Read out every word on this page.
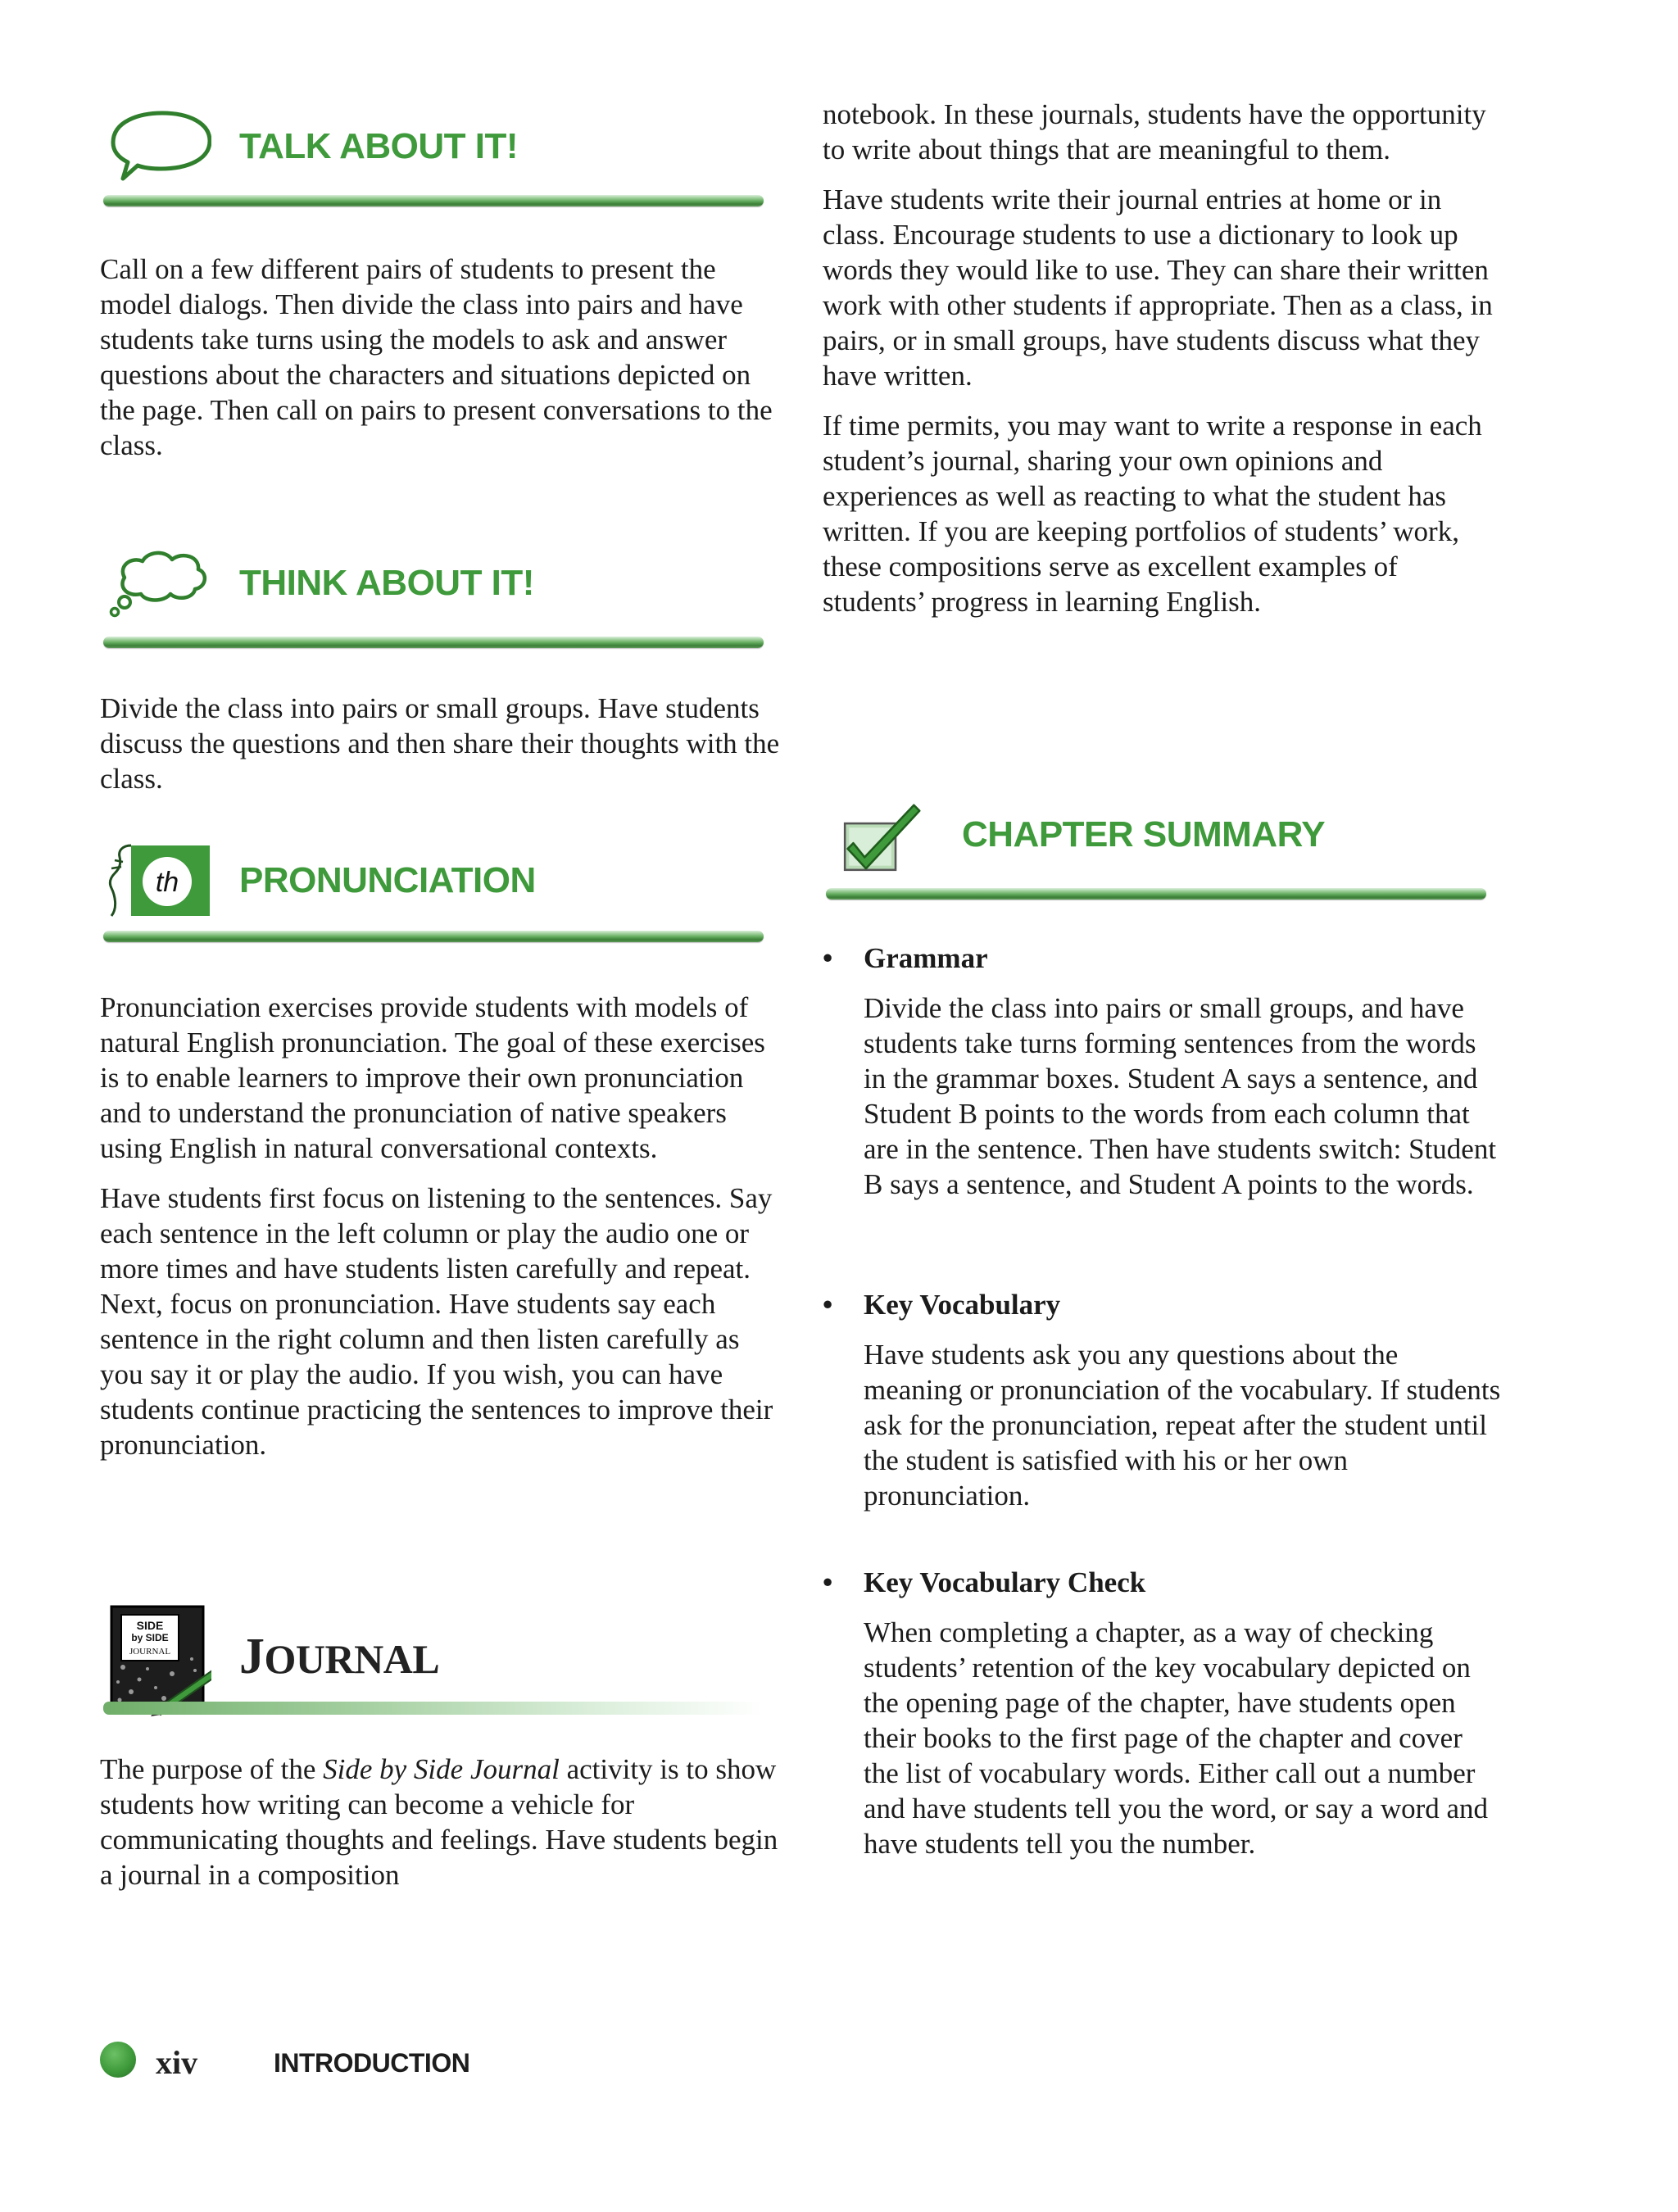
TALK ABOUT IT!

Call on a few different pairs of students to present the model dialogs. Then divide the class into pairs and have students take turns using the models to ask and answer questions about the characters and situations depicted on the page. Then call on pairs to present conversations to the class.

THINK ABOUT IT!

Divide the class into pairs or small groups. Have students discuss the questions and then share their thoughts with the class.

th PRONUNCIATION

Pronunciation exercises provide students with models of natural English pronunciation. The goal of these exercises is to enable learners to improve their own pronunciation and to understand the pronunciation of native speakers using English in natural conversational contexts.

Have students first focus on listening to the sentences. Say each sentence in the left column or play the audio one or more times and have students listen carefully and repeat. Next, focus on pronunciation. Have students say each sentence in the right column and then listen carefully as you say it or play the audio. If you wish, you can have students continue practicing the sentences to improve their pronunciation.

SIDE
by SIDE
JOURNAL JOURNAL

The purpose of the Side by Side Journal activity is to show students how writing can become a vehicle for communicating thoughts and feelings. Have students begin a journal in a composition

notebook. In these journals, students have the opportunity to write about things that are meaningful to them.

Have students write their journal entries at home or in class. Encourage students to use a dictionary to look up words they would like to use. They can share their written work with other students if appropriate. Then as a class, in pairs, or in small groups, have students discuss what they have written.

If time permits, you may want to write a response in each student’s journal, sharing your own opinions and experiences as well as reacting to what the student has written. If you are keeping portfolios of students’ work, these compositions serve as excellent examples of students’ progress in learning English.

CHAPTER SUMMARY
• Grammar

Divide the class into pairs or small groups, and have students take turns forming sentences from the words in the grammar boxes. Student A says a sentence, and Student B points to the words from each column that are in the sentence. Then have students switch: Student B says a sentence, and Student A points to the words.

• Key Vocabulary

Have students ask you any questions about the meaning or pronunciation of the vocabulary. If students ask for the pronunciation, repeat after the student until the student is satisfied with his or her own pronunciation.

• Key Vocabulary Check

When completing a chapter, as a way of checking students’ retention of the key vocabulary depicted on the opening page of the chapter, have students open their books to the first page of the chapter and cover the list of vocabulary words. Either call out a number and have students tell you the word, or say a word and have students tell you the number.

xiv	INTRODUCTION
